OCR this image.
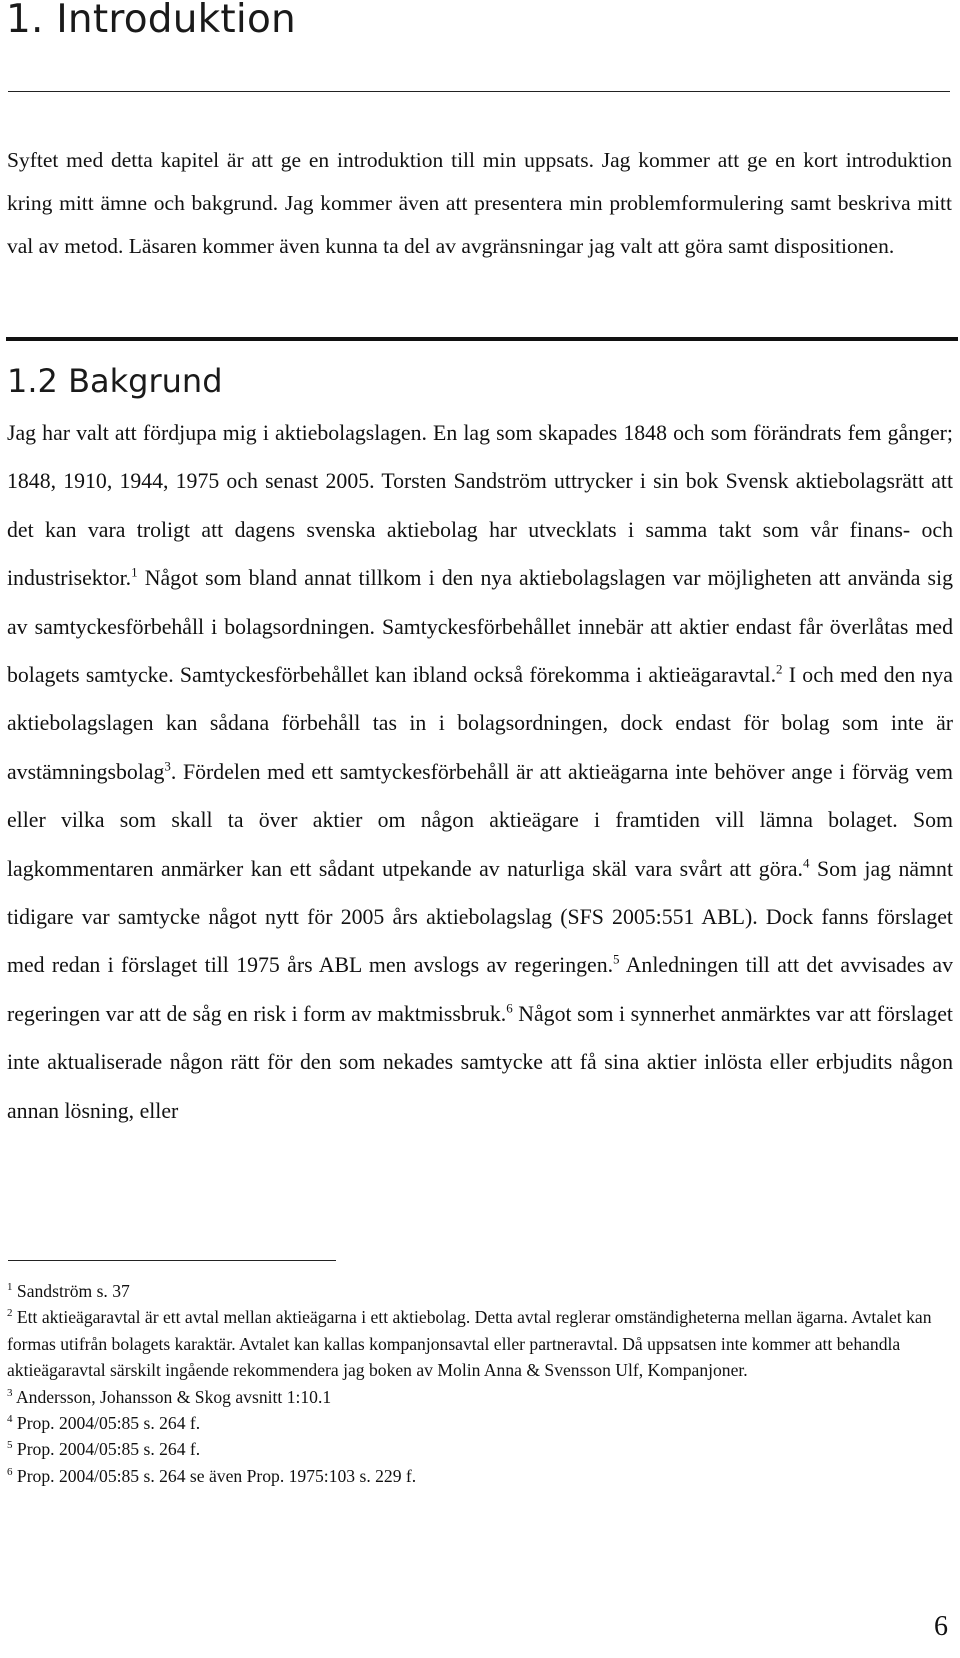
1. Introduktion

Syftet med detta kapitel är att ge en introduktion till min uppsats. Jag kommer att ge en kort introduktion kring mitt ämne och bakgrund. Jag kommer även att presentera min problemformulering samt beskriva mitt val av metod. Läsaren kommer även kunna ta del av avgränsningar jag valt att göra samt dispositionen.

1.2 Bakgrund

Jag har valt att fördjupa mig i aktiebolagslagen. En lag som skapades 1848 och som förändrats fem gånger; 1848, 1910, 1944, 1975 och senast 2005. Torsten Sandström uttrycker i sin bok Svensk aktiebolagsrätt att det kan vara troligt att dagens svenska aktiebolag har utvecklats i samma takt som vår finans- och industrisektor.$^1$ Något som bland annat tillkom i den nya aktiebolagslagen var möjligheten att använda sig av samtyckesförbehåll i bolagsordningen. Samtyckesförbehållet innebär att aktier endast får överlåtas med bolagets samtycke. Samtyckesförbehållet kan ibland också förekomma i aktieägaravtal.$^2$ I och med den nya aktiebolagslagen kan sådana förbehåll tas in i bolagsordningen, dock endast för bolag som inte är avstämningsbolag$^3$. Fördelen med ett samtyckesförbehåll är att aktieägarna inte behöver ange i förväg vem eller vilka som skall ta över aktier om någon aktieägare i framtiden vill lämna bolaget. Som lagkommentaren anmärker kan ett sådant utpekande av naturliga skäl vara svårt att göra.$^4$ Som jag nämnt tidigare var samtycke något nytt för 2005 års aktiebolagslag (SFS 2005:551 ABL). Dock fanns förslaget med redan i förslaget till 1975 års ABL men avslogs av regeringen.$^5$ Anledningen till att det avvisades av regeringen var att de såg en risk i form av maktmissbruk.$^6$ Något som i synnerhet anmärktes var att förslaget inte aktualiserade någon rätt för den som nekades samtycke att få sina aktier inlösta eller erbjudits någon annan lösning, eller

$^1$ Sandström s. 37

$^2$ Ett aktieägaravtal är ett avtal mellan aktieägarna i ett aktiebolag. Detta avtal reglerar omständigheterna mellan ägarna. Avtalet kan formas utifrån bolagets karaktär. Avtalet kan kallas kompanjonsavtal eller partneravtal. Då uppsatsen inte kommer att behandla aktieägaravtal särskilt ingående rekommendera jag boken av Molin Anna & Svensson Ulf, Kompanjoner.

$^3$ Andersson, Johansson & Skog avsnitt 1:10.1

$^4$ Prop. 2004/05:85 s. 264 f.

$^5$ Prop. 2004/05:85 s. 264 f.

$^6$ Prop. 2004/05:85 s. 264 se även Prop. 1975:103 s. 229 f.

6
